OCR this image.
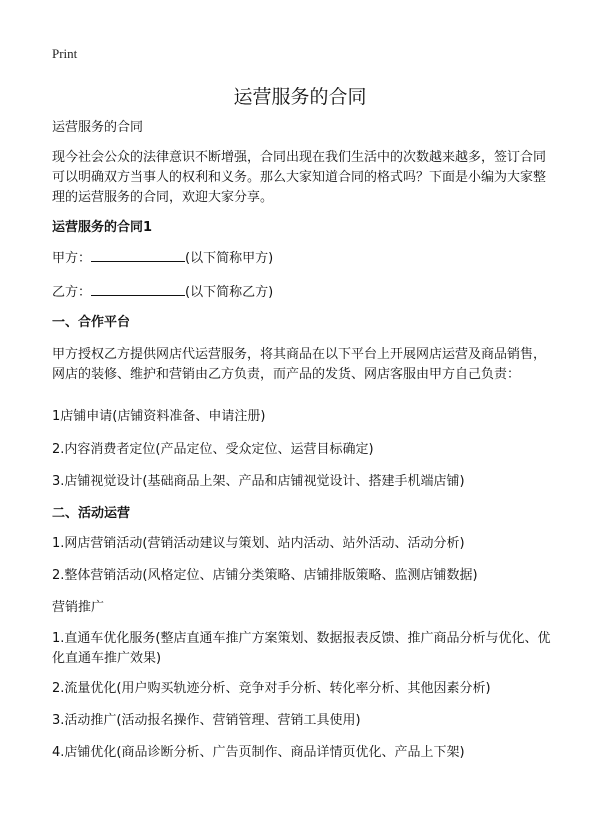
Print
运营服务的合同

运营服务的合同

现今社会公众的法律意识不断增强，合同出现在我们生活中的次数越来越多，签订合同可以明确双方当事人的权利和义务。那么大家知道合同的格式吗？下面是小编为大家整理的运营服务的合同，欢迎大家分享。

运营服务的合同1

甲方：	(以下简称甲方)

乙方：	(以下简称乙方)

一、合作平台

甲方授权乙方提供网店代运营服务，将其商品在以下平台上开展网店运营及商品销售，网店的装修、维护和营销由乙方负责，而产品的发货、网店客服由甲方自己负责：

1店铺申请(店铺资料准备、申请注册)

2.内容消费者定位(产品定位、受众定位、运营目标确定)

3.店铺视觉设计(基础商品上架、产品和店铺视觉设计、搭建手机端店铺)

二、活动运营

1.网店营销活动(营销活动建议与策划、站内活动、站外活动、活动分析)

2.整体营销活动(风格定位、店铺分类策略、店铺排版策略、监测店铺数据)

营销推广

1.直通车优化服务(整店直通车推广方案策划、数据报表反馈、推广商品分析与优化、优化直通车推广效果)

2.流量优化(用户购买轨迹分析、竞争对手分析、转化率分析、其他因素分析)

3.活动推广(活动报名操作、营销管理、营销工具使用)

4.店铺优化(商品诊断分析、广告页制作、商品详情页优化、产品上下架)
